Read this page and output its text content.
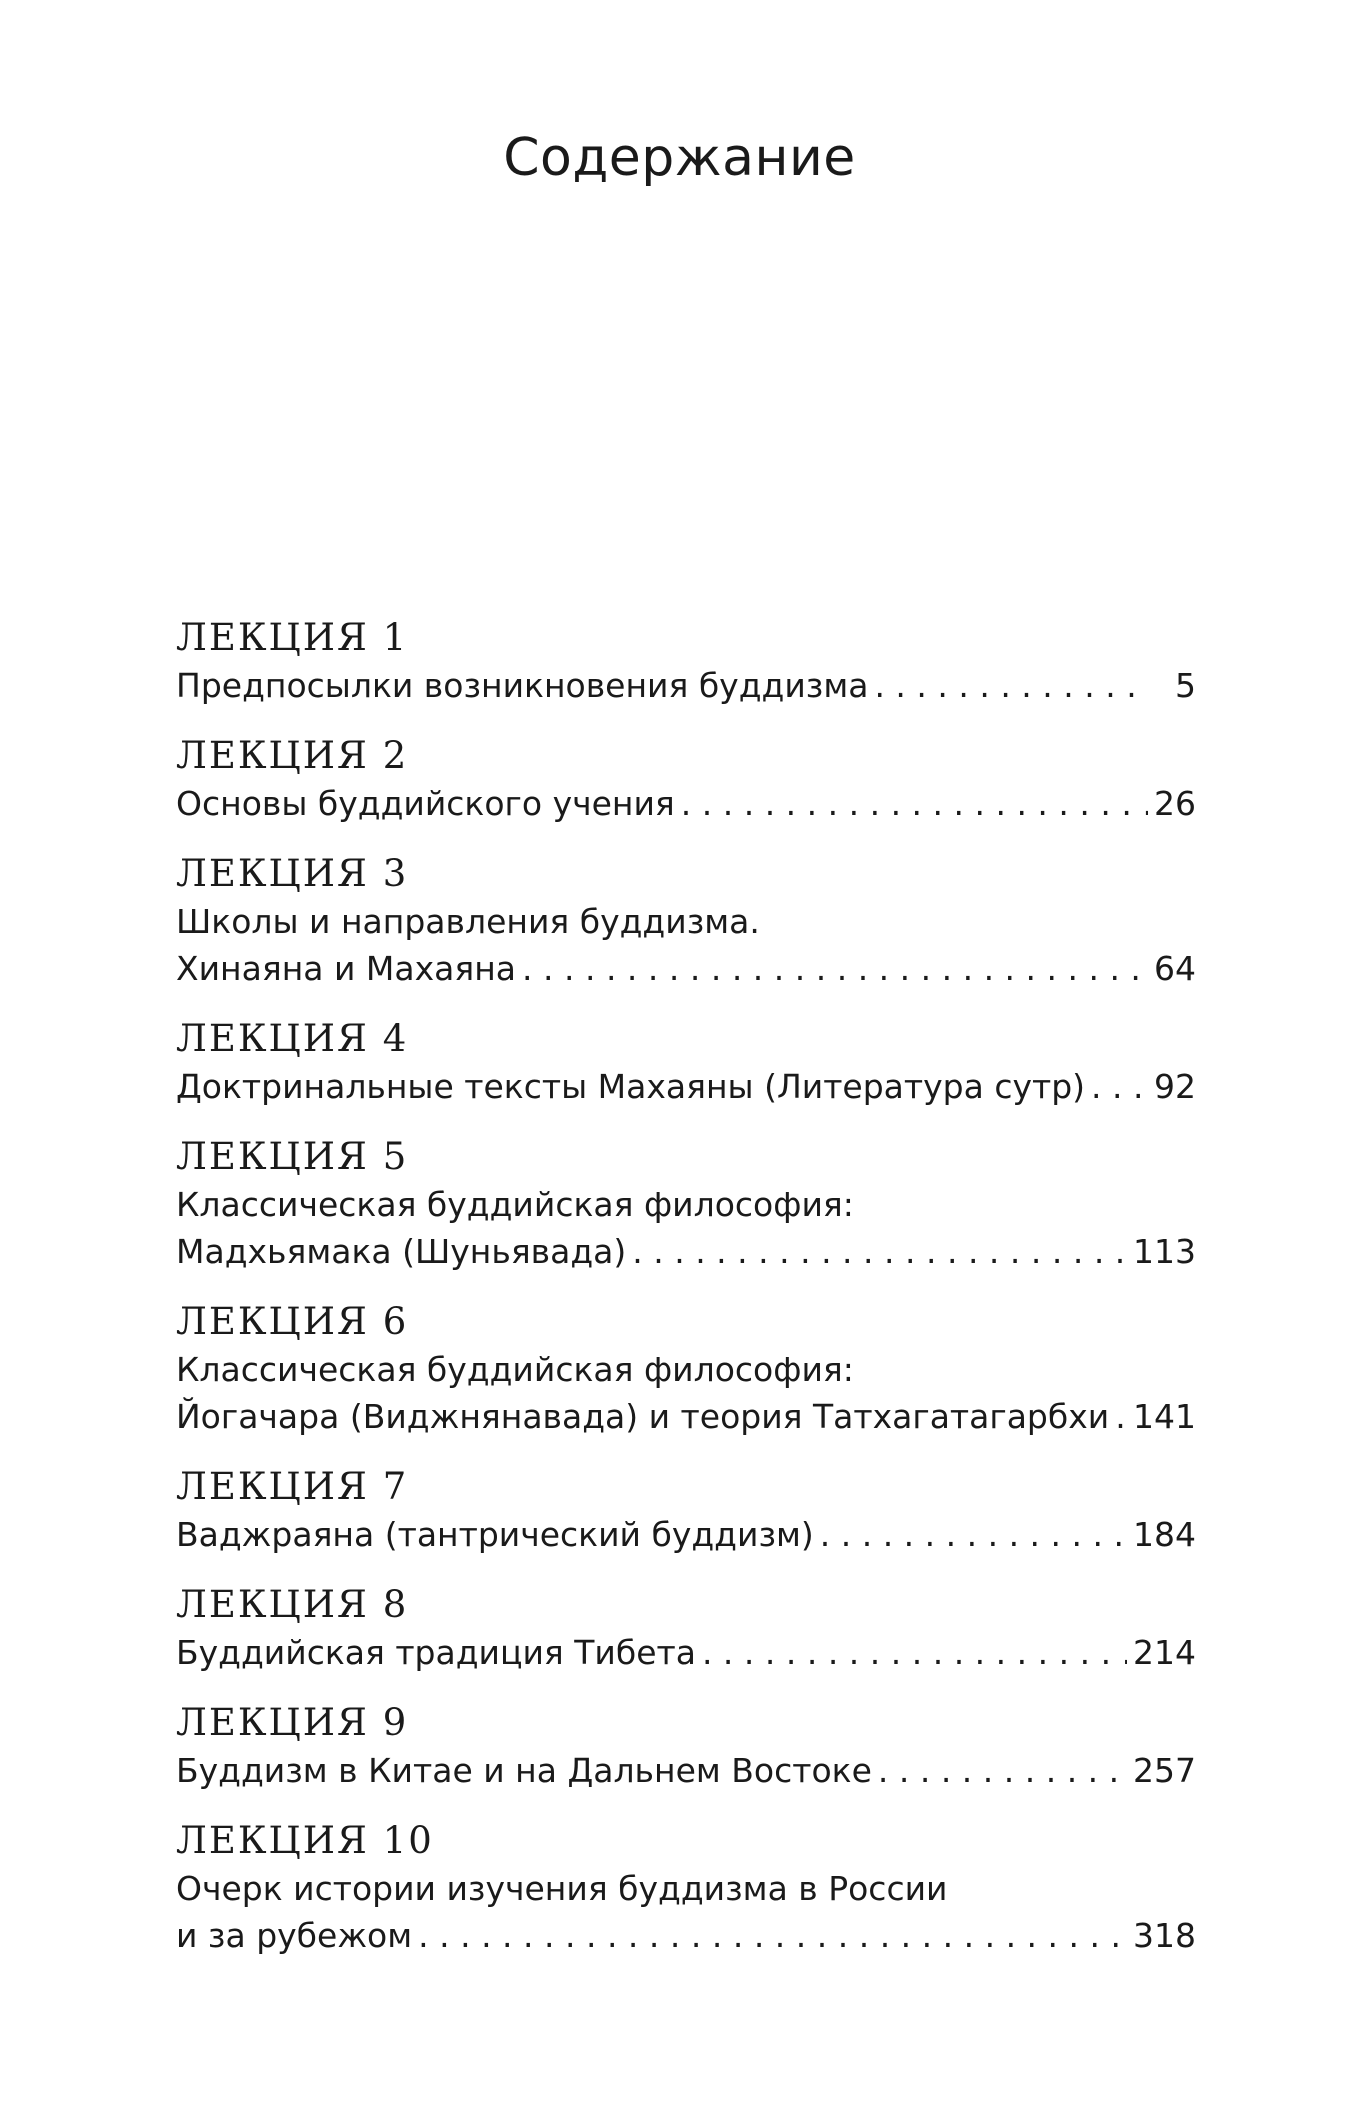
Содержание
ЛЕКЦИЯ 1
Предпосылки возникновения буддизма . . .	5
ЛЕКЦИЯ 2
Основы буддийского учения . . .	26
ЛЕКЦИЯ 3
Школы и направления буддизма.
Хинаяна и Махаяна . . .	64
ЛЕКЦИЯ 4
Доктринальные тексты Махаяны (Литература сутр) . . . 92
ЛЕКЦИЯ 5
Классическая буддийская философия:
Мадхьямака (Шуньявада) . . .	113
ЛЕКЦИЯ 6
Классическая буддийская философия:
Йогачара (Виджнянавада) и теория Татхагатагарбхи . . . 141
ЛЕКЦИЯ 7
Ваджраяна (тантрический буддизм) . . .	184
ЛЕКЦИЯ 8
Буддийская традиция Тибета . . .	214
ЛЕКЦИЯ 9
Буддизм в Китае и на Дальнем Востоке . . .	257
ЛЕКЦИЯ 10
Очерк истории изучения буддизма в России
и за рубежом . . .	318
